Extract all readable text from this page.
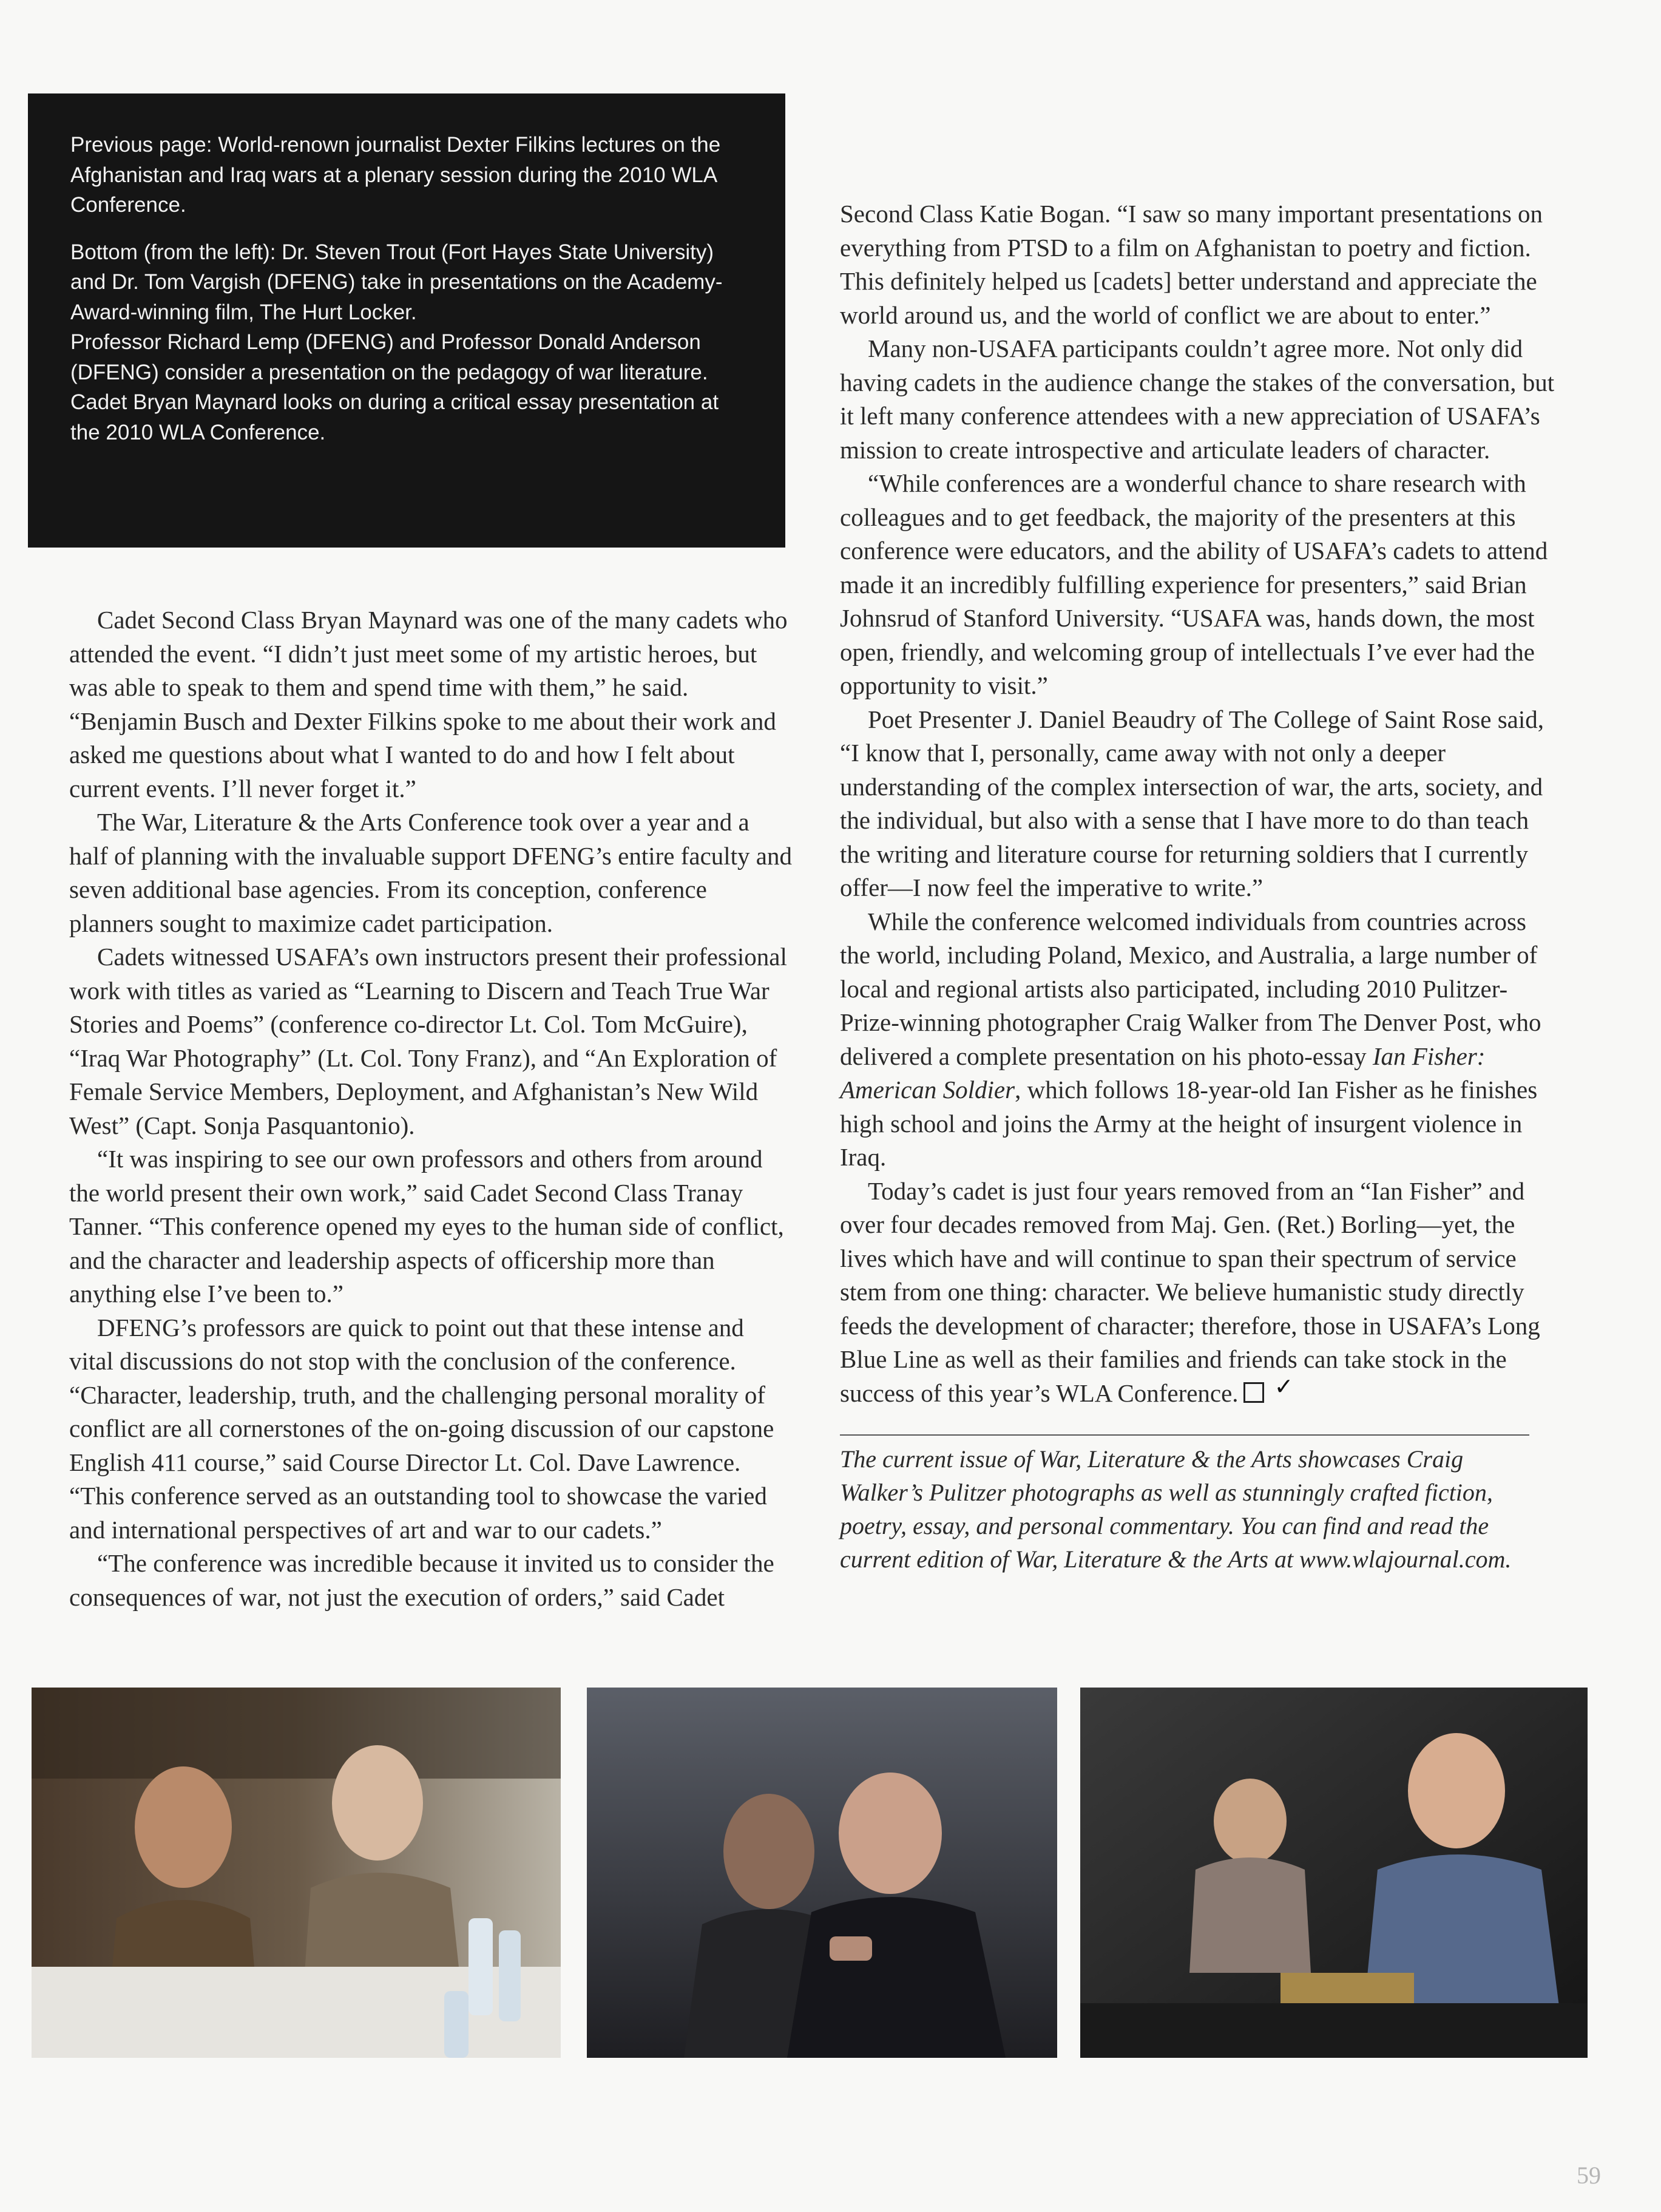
Previous page: World-renown journalist Dexter Filkins lectures on the Afghanistan and Iraq wars at a plenary session during the 2010 WLA Conference.

Bottom (from the left): Dr. Steven Trout (Fort Hayes State University) and Dr. Tom Vargish (DFENG) take in presentations on the Academy-Award-winning film, The Hurt Locker.

Professor Richard Lemp (DFENG) and Professor Donald Anderson (DFENG) consider a presentation on the pedagogy of war literature.

Cadet Bryan Maynard looks on during a critical essay presentation at the 2010 WLA Conference.

Cadet Second Class Bryan Maynard was one of the many cadets who attended the event. “I didn’t just meet some of my artistic heroes, but was able to speak to them and spend time with them,” he said. “Benjamin Busch and Dexter Filkins spoke to me about their work and asked me questions about what I wanted to do and how I felt about current events. I’ll never forget it.”

The War, Literature & the Arts Conference took over a year and a half of planning with the invaluable support DFENG’s entire faculty and seven additional base agencies. From its conception, conference planners sought to maximize cadet participation.

Cadets witnessed USAFA’s own instructors present their professional work with titles as varied as “Learning to Discern and Teach True War Stories and Poems” (conference co-director Lt. Col. Tom McGuire), “Iraq War Photography” (Lt. Col. Tony Franz), and “An Exploration of Female Service Members, Deployment, and Afghanistan’s New Wild West” (Capt. Sonja Pasquantonio).

“It was inspiring to see our own professors and others from around the world present their own work,” said Cadet Second Class Tranay Tanner. “This conference opened my eyes to the human side of conflict, and the character and leadership aspects of officership more than anything else I’ve been to.”

DFENG’s professors are quick to point out that these intense and vital discussions do not stop with the conclusion of the conference. “Character, leadership, truth, and the challenging personal morality of conflict are all cornerstones of the on-going discussion of our capstone English 411 course,” said Course Director Lt. Col. Dave Lawrence. “This conference served as an outstanding tool to showcase the varied and international perspectives of art and war to our cadets.”

“The conference was incredible because it invited us to consider the consequences of war, not just the execution of orders,” said Cadet

Second Class Katie Bogan. “I saw so many important presentations on everything from PTSD to a film on Afghanistan to poetry and fiction. This definitely helped us [cadets] better understand and appreciate the world around us, and the world of conflict we are about to enter.”

Many non-USAFA participants couldn’t agree more. Not only did having cadets in the audience change the stakes of the conversation, but it left many conference attendees with a new appreciation of USAFA’s mission to create introspective and articulate leaders of character.

“While conferences are a wonderful chance to share research with colleagues and to get feedback, the majority of the presenters at this conference were educators, and the ability of USAFA’s cadets to attend made it an incredibly fulfilling experience for presenters,” said Brian Johnsrud of Stanford University. “USAFA was, hands down, the most open, friendly, and welcoming group of intellectuals I’ve ever had the opportunity to visit.”

Poet Presenter J. Daniel Beaudry of The College of Saint Rose said, “I know that I, personally, came away with not only a deeper understanding of the complex intersection of war, the arts, society, and the individual, but also with a sense that I have more to do than teach the writing and literature course for returning soldiers that I currently offer—I now feel the imperative to write.”

While the conference welcomed individuals from countries across the world, including Poland, Mexico, and Australia, a large number of local and regional artists also participated, including 2010 Pulitzer-Prize-winning photographer Craig Walker from The Denver Post, who delivered a complete presentation on his photo-essay Ian Fisher: American Soldier, which follows 18-year-old Ian Fisher as he finishes high school and joins the Army at the height of insurgent violence in Iraq.

Today’s cadet is just four years removed from an “Ian Fisher” and over four decades removed from Maj. Gen. (Ret.) Borling—yet, the lives which have and will continue to span their spectrum of service stem from one thing: character. We believe humanistic study directly feeds the development of character; therefore, those in USAFA’s Long Blue Line as well as their families and friends can take stock in the success of this year’s WLA Conference.✓

The current issue of War, Literature & the Arts showcases Craig Walker’s Pulitzer photographs as well as stunningly crafted fiction, poetry, essay, and personal commentary. You can find and read the current edition of War, Literature & the Arts at www.wlajournal.com.
59
